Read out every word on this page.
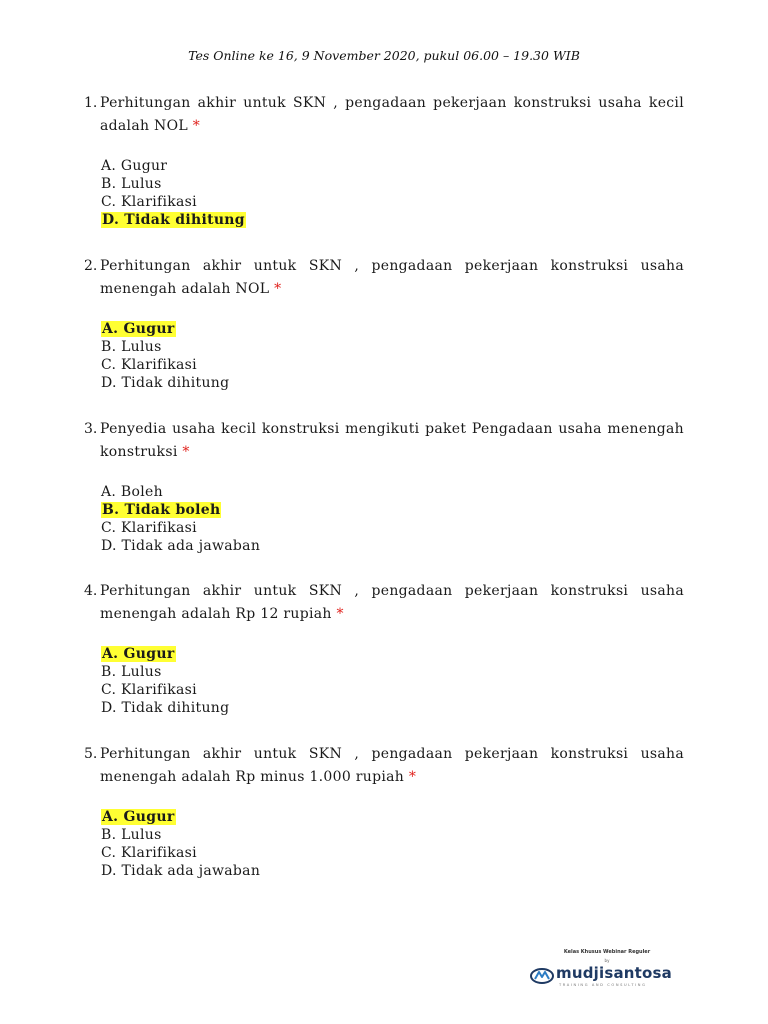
Tes Online ke 16, 9 November 2020, pukul 06.00 – 19.30 WIB
1. Perhitungan akhir untuk SKN , pengadaan pekerjaan konstruksi usaha kecil adalah NOL *
A. Gugur
B. Lulus
C. Klarifikasi
D. Tidak dihitung
2. Perhitungan akhir untuk SKN , pengadaan pekerjaan konstruksi usaha menengah adalah NOL *
A. Gugur
B. Lulus
C. Klarifikasi
D. Tidak dihitung
3. Penyedia usaha kecil konstruksi mengikuti paket Pengadaan usaha menengah konstruksi *
A. Boleh
B. Tidak boleh
C. Klarifikasi
D. Tidak ada jawaban
4. Perhitungan akhir untuk SKN , pengadaan pekerjaan konstruksi usaha menengah adalah Rp 12 rupiah *
A. Gugur
B. Lulus
C. Klarifikasi
D. Tidak dihitung
5. Perhitungan akhir untuk SKN , pengadaan pekerjaan konstruksi usaha menengah adalah Rp minus 1.000 rupiah *
A. Gugur
B. Lulus
C. Klarifikasi
D. Tidak ada jawaban
Kelas Khusus Webinar Reguler
by
mudjisantosa
TRAINING AND CONSULTING
